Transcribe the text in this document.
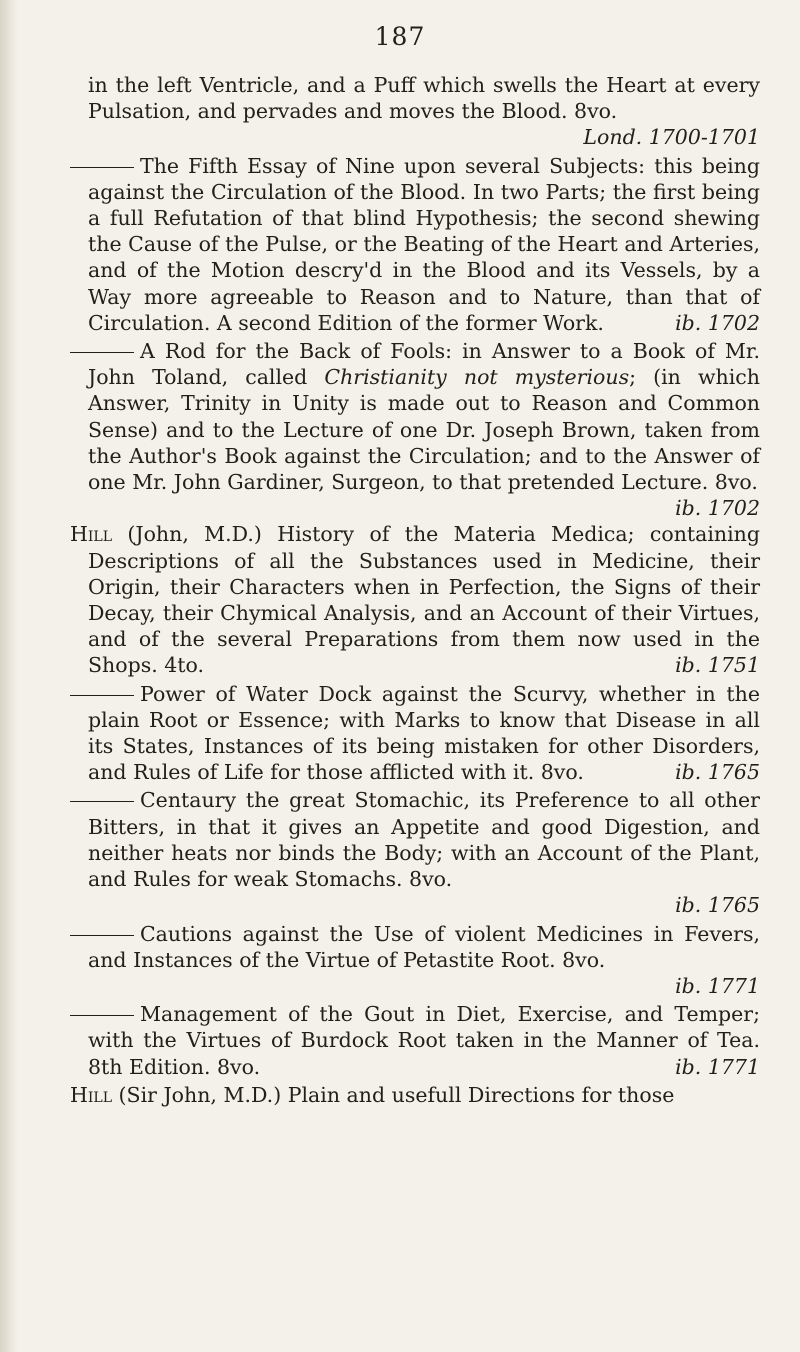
187

in the left Ventricle, and a Puff which swells the Heart at every Pulsation, and pervades and moves the Blood. 8vo.
Lond. 1700-1701

The Fifth Essay of Nine upon several Subjects: this being against the Circulation of the Blood. In two Parts; the first being a full Refutation of that blind Hypothesis; the second shewing the Cause of the Pulse, or the Beating of the Heart and Arteries, and of the Motion descry'd in the Blood and its Vessels, by a Way more agreeable to Reason and to Nature, than that of Circulation. A second Edition of the former Work.	ib. 1702

A Rod for the Back of Fools: in Answer to a Book of Mr. John Toland, called Christianity not mysterious; (in which Answer, Trinity in Unity is made out to Reason and Common Sense) and to the Lecture of one Dr. Joseph Brown, taken from the Author's Book against the Circulation; and to the Answer of one Mr. John Gardiner, Surgeon, to that pretended Lecture. 8vo.
ib. 1702

Hill (John, M.D.) History of the Materia Medica; containing Descriptions of all the Substances used in Medicine, their Origin, their Characters when in Perfection, the Signs of their Decay, their Chymical Analysis, and an Account of their Virtues, and of the several Preparations from them now used in the Shops. 4to.	ib. 1751

Power of Water Dock against the Scurvy, whether in the plain Root or Essence; with Marks to know that Disease in all its States, Instances of its being mistaken for other Disorders, and Rules of Life for those afflicted with it. 8vo.	ib. 1765

Centaury the great Stomachic, its Preference to all other Bitters, in that it gives an Appetite and good Digestion, and neither heats nor binds the Body; with an Account of the Plant, and Rules for weak Stomachs. 8vo.
ib. 1765

Cautions against the Use of violent Medicines in Fevers, and Instances of the Virtue of Petastite Root. 8vo.
ib. 1771

Management of the Gout in Diet, Exercise, and Temper; with the Virtues of Burdock Root taken in the Manner of Tea. 8th Edition. 8vo.	ib. 1771

Hill (Sir John, M.D.) Plain and usefull Directions for those
